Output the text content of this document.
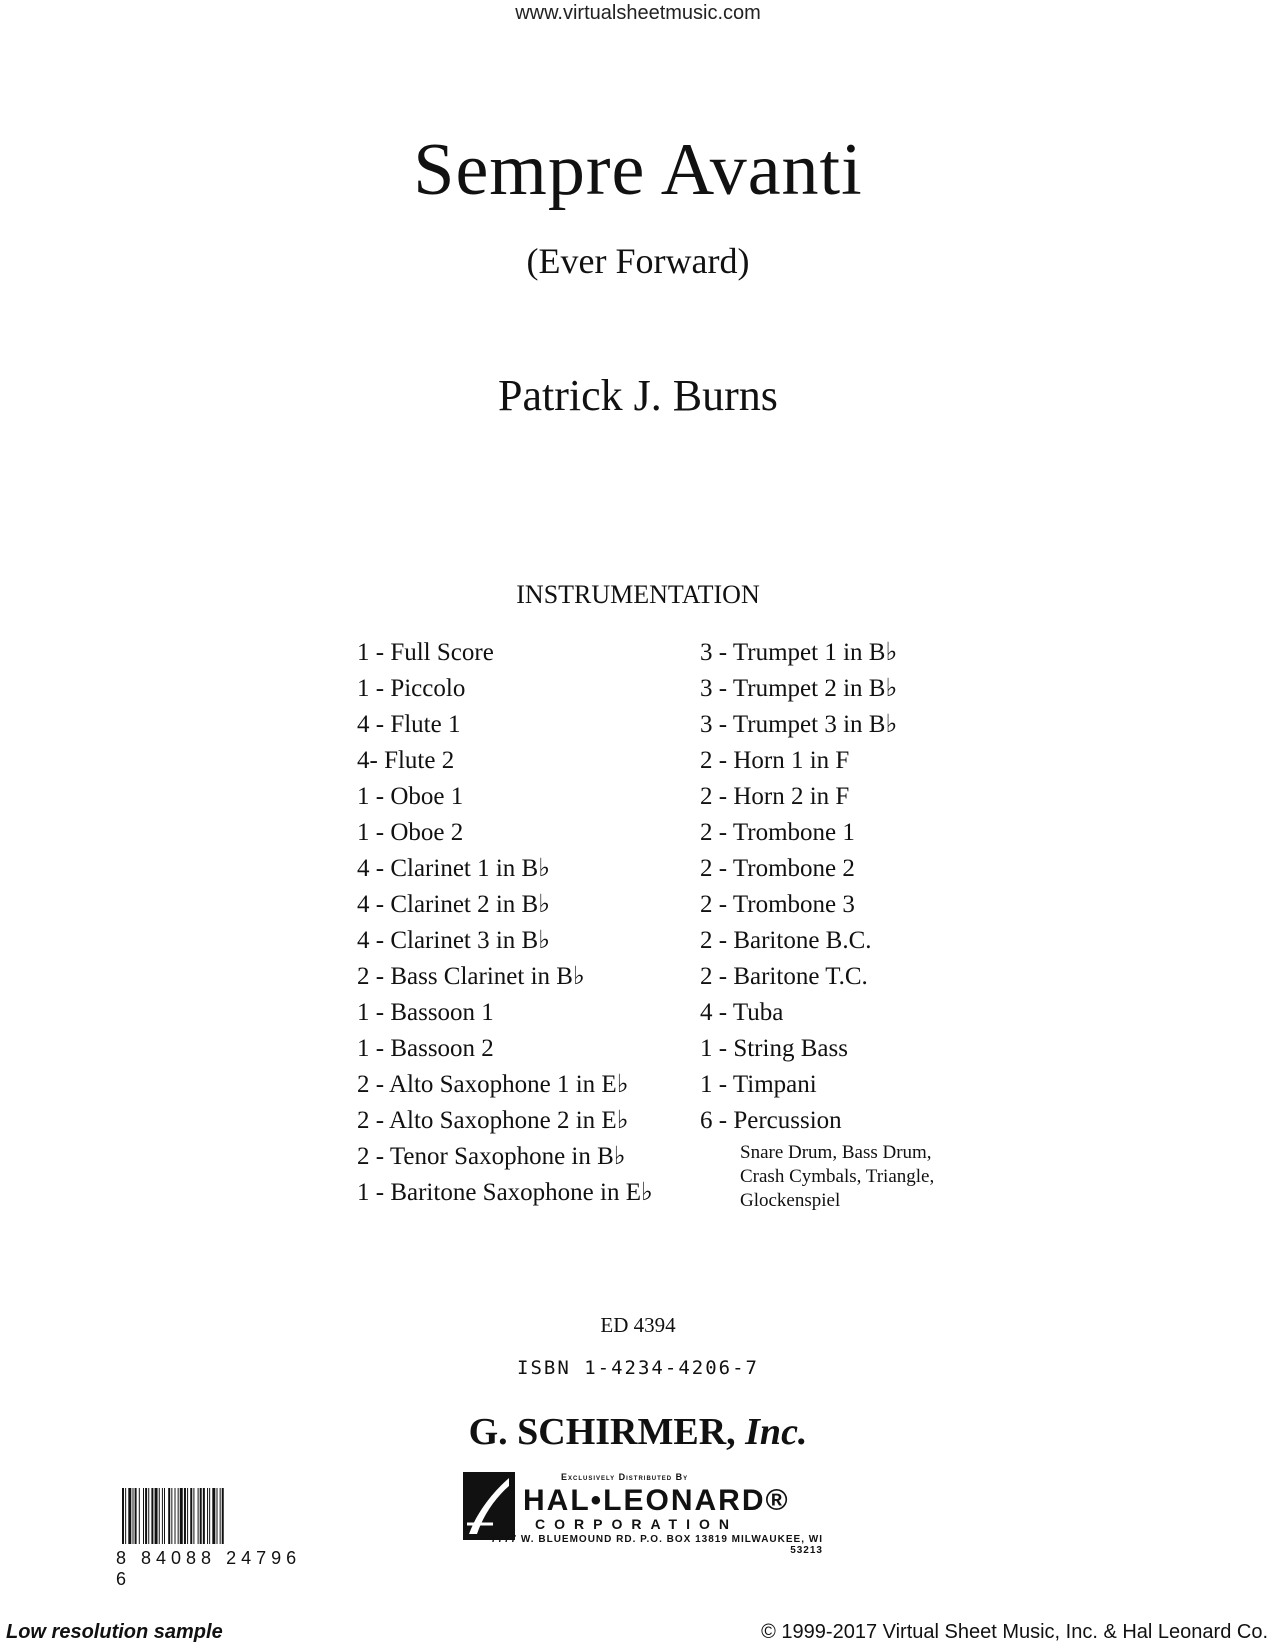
www.virtualsheetmusic.com
Sempre Avanti
(Ever Forward)
Patrick J. Burns
INSTRUMENTATION
1 - Full Score
1 - Piccolo
4 - Flute 1
4- Flute 2
1 - Oboe 1
1 - Oboe 2
4 - Clarinet 1 in B♭
4 - Clarinet 2 in B♭
4 - Clarinet 3 in B♭
2 - Bass Clarinet in B♭
1 - Bassoon 1
1 - Bassoon 2
2 - Alto Saxophone 1 in E♭
2 - Alto Saxophone 2 in E♭
2 - Tenor Saxophone in B♭
1 - Baritone Saxophone in E♭
3 - Trumpet 1 in B♭
3 - Trumpet 2 in B♭
3 - Trumpet 3 in B♭
2 - Horn 1 in F
2 - Horn 2 in F
2 - Trombone 1
2 - Trombone 2
2 - Trombone 3
2 - Baritone B.C.
2 - Baritone T.C.
4 - Tuba
1 - String Bass
1 - Timpani
6 - Percussion
Snare Drum, Bass Drum,
Crash Cymbals, Triangle,
Glockenspiel
ED 4394
ISBN 1-4234-4206-7
G. SCHIRMER, Inc.
Exclusively Distributed By
HAL•LEONARD®
CORPORATION
7777 W. BLUEMOUND RD. P.O. BOX 13819 MILWAUKEE, WI 53213
8 84088 24796 6
Low resolution sample	© 1999-2017 Virtual Sheet Music, Inc. & Hal Leonard Co.
